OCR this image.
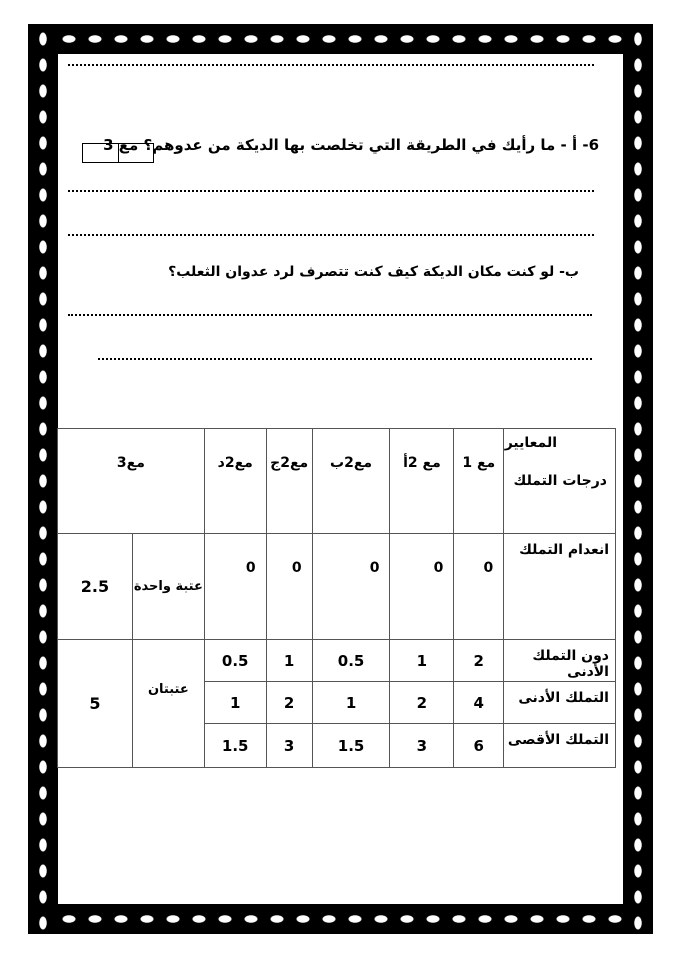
6- أ - ما رأيك في الطريقة التي تخلصت بها الديكة من عدوهم؟ مع 3
ب- لو كنت مكان الديكة كيف كنت تتصرف لرد عدوان الثعلب؟
المعايير
درجات التملك	مع 1	مع 2أ	مع2ب	مع2ج	مع2د	مع3	
انعدام التملك	0	0	0	0	0	عتبة واحدة	2.5
دون التملك الأدنى	2	1	0.5	1	0.5	عتبتان	5
التملك الأدنى	4	2	1	2	1		
التملك الأقصى	6	3	1.5	3	1.5		
